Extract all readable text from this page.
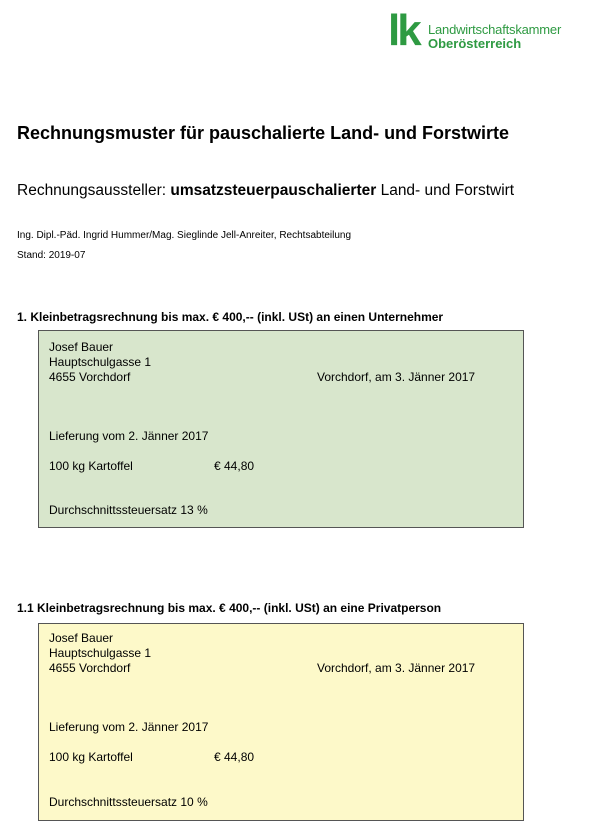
lk Landwirtschaftskammer
Oberösterreich
Rechnungsmuster für pauschalierte Land- und Forstwirte
Rechnungsaussteller: umsatzsteuerpauschalierter Land- und Forstwirt
Ing. Dipl.-Päd. Ingrid Hummer/Mag. Sieglinde Jell-Anreiter, Rechtsabteilung
Stand: 2019-07
1. Kleinbetragsrechnung bis max. € 400,-- (inkl. USt) an einen Unternehmer
Josef Bauer
Hauptschulgasse 1
4655 Vorchdorf	Vorchdorf, am 3. Jänner 2017
Lieferung vom 2. Jänner 2017
100 kg Kartoffel	€ 44,80
Durchschnittssteuersatz 13 %
1.1 Kleinbetragsrechnung bis max. € 400,-- (inkl. USt) an eine Privatperson
Josef Bauer
Hauptschulgasse 1
4655 Vorchdorf	Vorchdorf, am 3. Jänner 2017
Lieferung vom 2. Jänner 2017
100 kg Kartoffel	€ 44,80
Durchschnittssteuersatz 10 %
